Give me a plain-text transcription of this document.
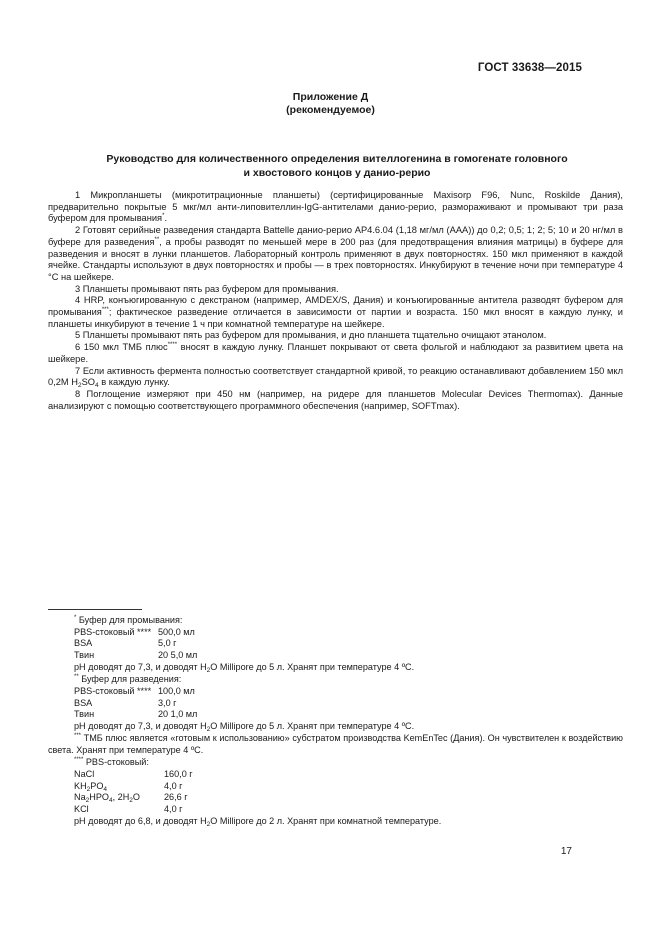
ГОСТ 33638—2015
Приложение Д
(рекомендуемое)
Руководство для количественного определения вителлогенина в гомогенате головного
и хвостового концов у данио-рерио

1 Микропланшеты (микротитрационные планшеты) (сертифицированные Maxisorp F96, Nunc, Roskilde Дания), предварительно покрытые 5 мкг/мл анти-липовителлин-IgG-антителами данио-рерио, размораживают и промывают три раза буфером для промывания*.

2 Готовят серийные разведения стандарта Battelle данио-рерио AP4.6.04 (1,18 мг/мл (AAA)) до 0,2; 0,5; 1; 2; 5; 10 и 20 нг/мл в буфере для разведения**, а пробы разводят по меньшей мере в 200 раз (для предотвращения влияния матрицы) в буфере для разведения и вносят в лунки планшетов. Лабораторный контроль применяют в двух повторностях. 150 мкл применяют в каждой ячейке. Стандарты используют в двух повторностях и пробы — в трех повторностях. Инкубируют в течение ночи при температуре 4 °С на шейкере.

3 Планшеты промывают пять раз буфером для промывания.

4 HRP, конъюгированную с декстраном (например, AMDEX/S, Дания) и конъюгированные антитела разводят буфером для промывания***; фактическое разведение отличается в зависимости от партии и возраста. 150 мкл вносят в каждую лунку, и планшеты инкубируют в течение 1 ч при комнатной температуре на шейкере.

5 Планшеты промывают пять раз буфером для промывания, и дно планшета тщательно очищают этанолом.

6 150 мкл ТМБ плюс**** вносят в каждую лунку. Планшет покрывают от света фольгой и наблюдают за развитием цвета на шейкере.

7 Если активность фермента полностью соответствует стандартной кривой, то реакцию останавливают добавлением 150 мкл 0,2М $H_2SO_4$ в каждую лунку.

8 Поглощение измеряют при 450 нм (например, на ридере для планшетов Molecular Devices Thermomax). Данные анализируют с помощью соответствующего программного обеспечения (например, SOFTmax).

* Буфер для промывания:
PBS-стоковый ****	500,0 мл
BSA	5,0 г
Твин	20 5,0 мл
pH доводят до 7,3, и доводят $H_2O$ Millipore до 5 л. Хранят при температуре 4 ºС.
** Буфер для разведения:
PBS-стоковый ****	100,0 мл
BSA	3,0 г
Твин	20 1,0 мл
pH доводят до 7,3, и доводят $H_2O$ Millipore до 5 л. Хранят при температуре 4 ºС.

*** ТМБ плюс является «готовым к использованию» субстратом производства KemEnTec (Дания). Он чувствителен к воздействию света. Хранят при температуре 4 ºС.

**** PBS-стоковый:
NaCl	160,0 г
$KH_2PO_4$	4,0 г
$Na_2HPO_4$, $2H_2O$	26,6 г
KCl	4,0 г
pH доводят до 6,8, и доводят $H_2O$ Millipore до 2 л. Хранят при комнатной температуре.
17
